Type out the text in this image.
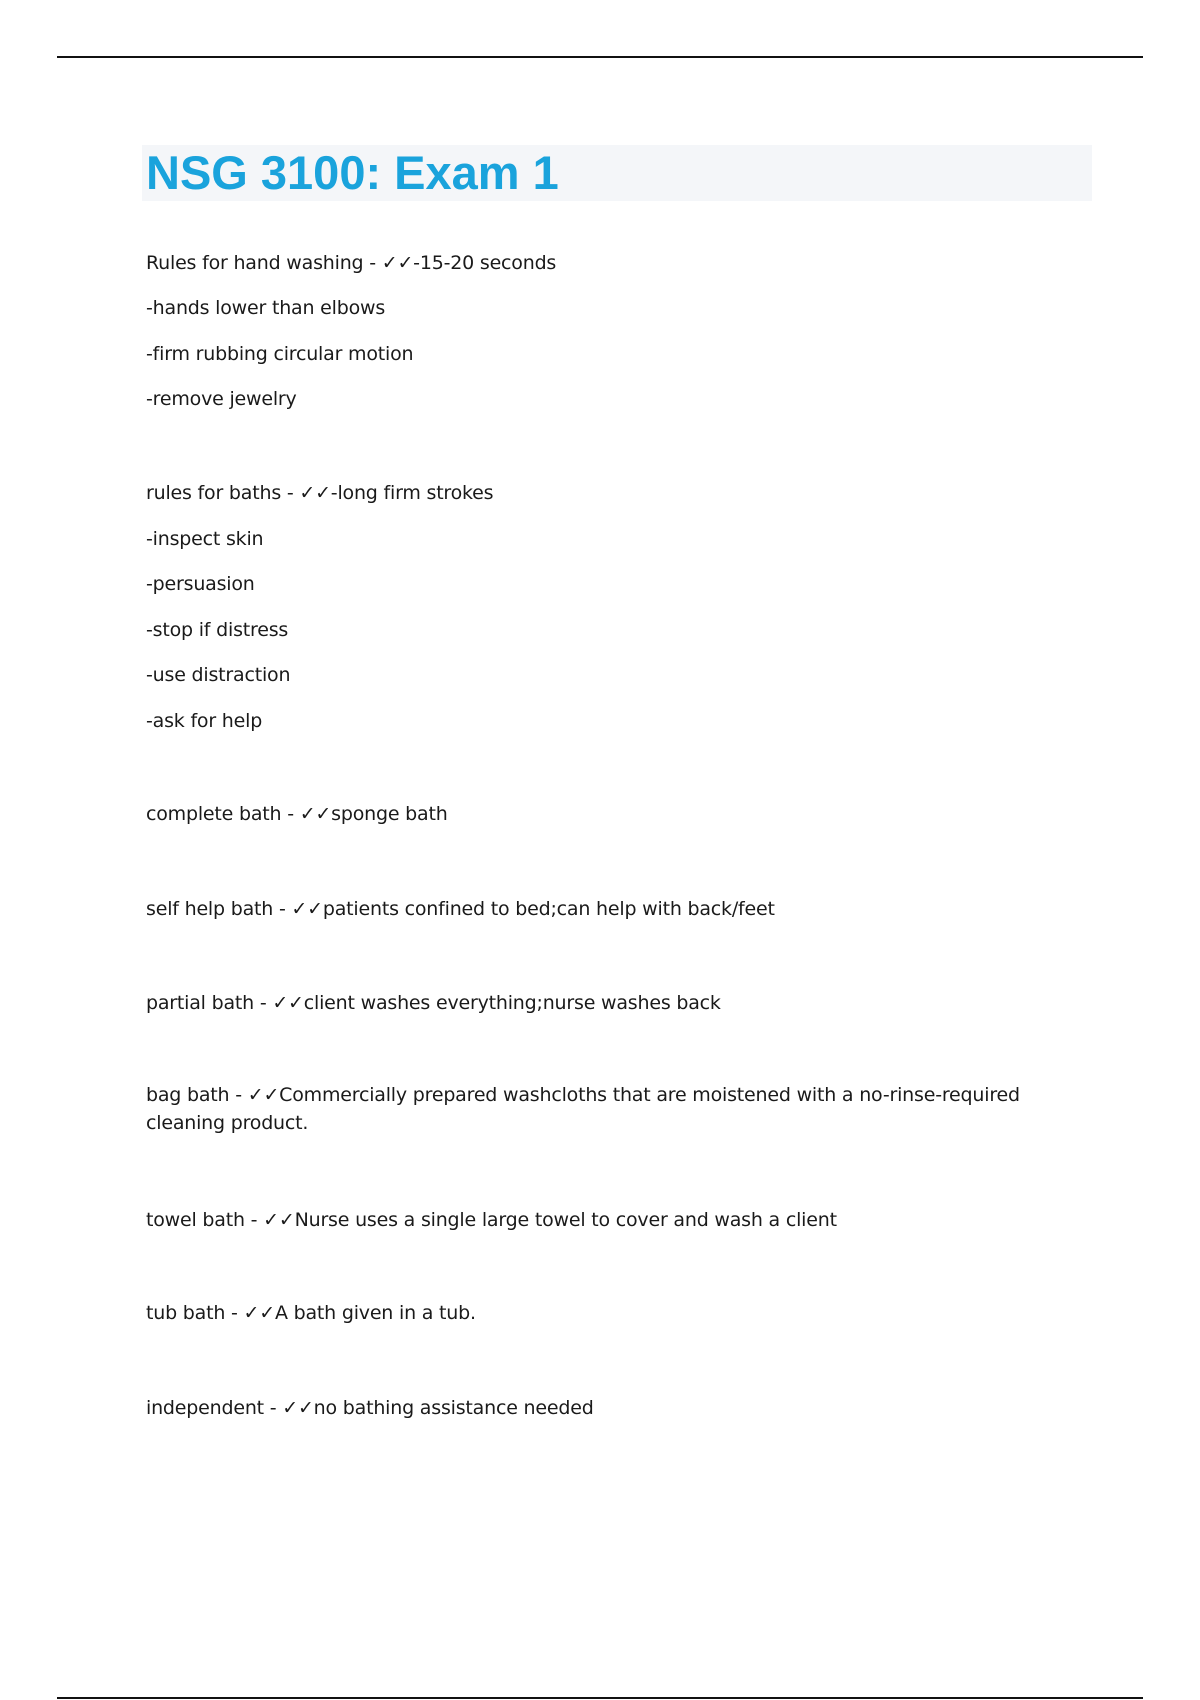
NSG 3100: Exam 1
Rules for hand washing - ✓✓-15-20 seconds
-hands lower than elbows
-firm rubbing circular motion
-remove jewelry
rules for baths - ✓✓-long firm strokes
-inspect skin
-persuasion
-stop if distress
-use distraction
-ask for help
complete bath - ✓✓sponge bath
self help bath - ✓✓patients confined to bed;can help with back/feet
partial bath - ✓✓client washes everything;nurse washes back
bag bath - ✓✓Commercially prepared washcloths that are moistened with a no-rinse-required cleaning product.
towel bath - ✓✓Nurse uses a single large towel to cover and wash a client
tub bath - ✓✓A bath given in a tub.
independent - ✓✓no bathing assistance needed
